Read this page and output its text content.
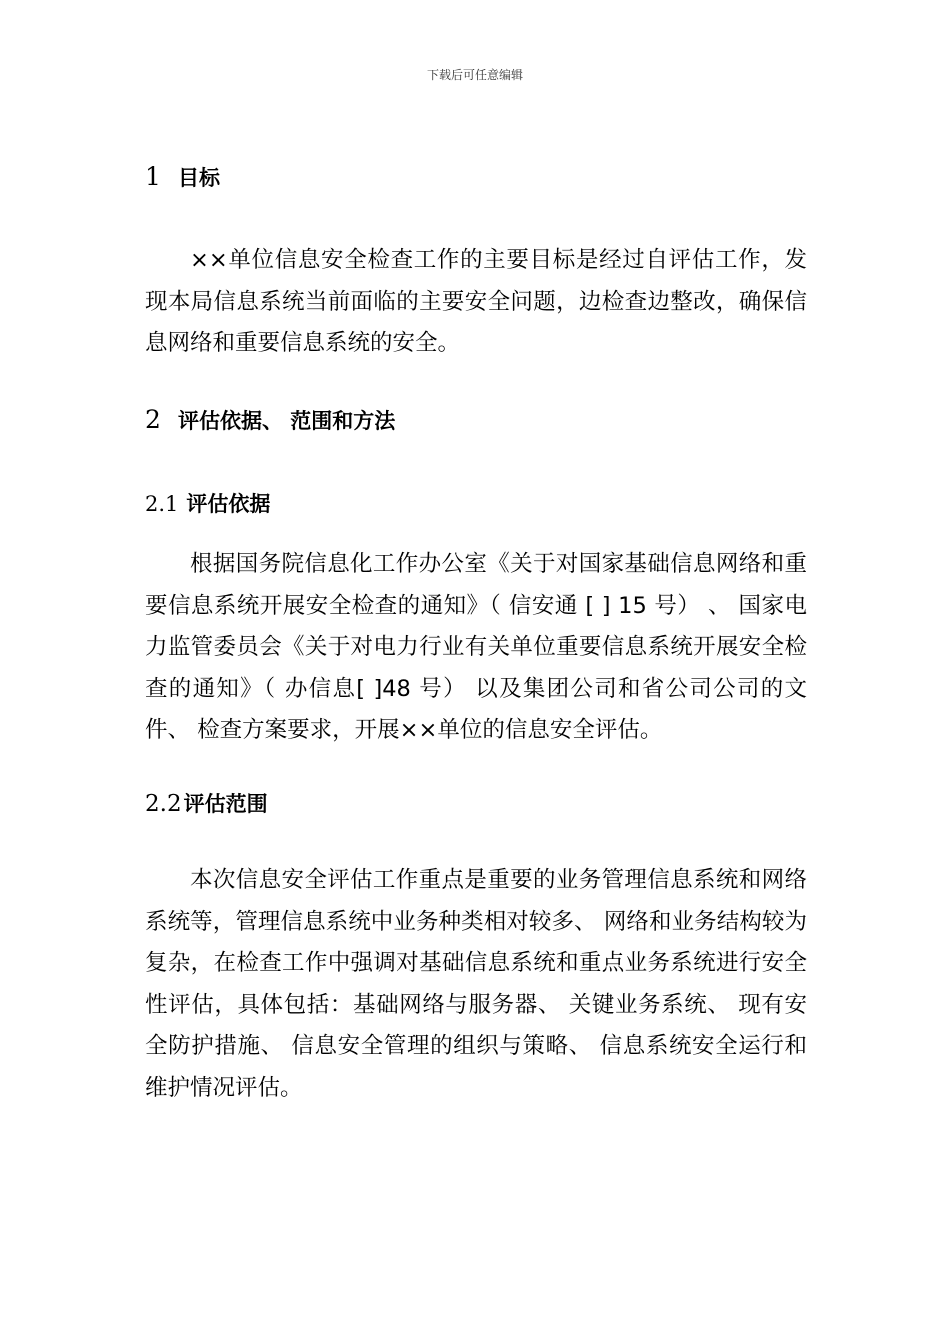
下载后可任意编辑
1 目标
××单位信息安全检查工作的主要目标是经过自评估工作，发现本局信息系统当前面临的主要安全问题，边检查边整改，确保信息网络和重要信息系统的安全。
2 评估依据、 范围和方法
2.1 评估依据
根据国务院信息化工作办公室《关于对国家基础信息网络和重要信息系统开展安全检查的通知》（ 信安通 [ ] 15 号） 、 国家电力监管委员会《关于对电力行业有关单位重要信息系统开展安全检查的通知》（ 办信息[ ]48 号） 以及集团公司和省公司公司的文件、 检查方案要求，开展××单位的信息安全评估。
2.2评估范围
本次信息安全评估工作重点是重要的业务管理信息系统和网络系统等，管理信息系统中业务种类相对较多、 网络和业务结构较为复杂，在检查工作中强调对基础信息系统和重点业务系统进行安全性评估，具体包括：基础网络与服务器、 关键业务系统、 现有安全防护措施、 信息安全管理的组织与策略、 信息系统安全运行和维护情况评估。
